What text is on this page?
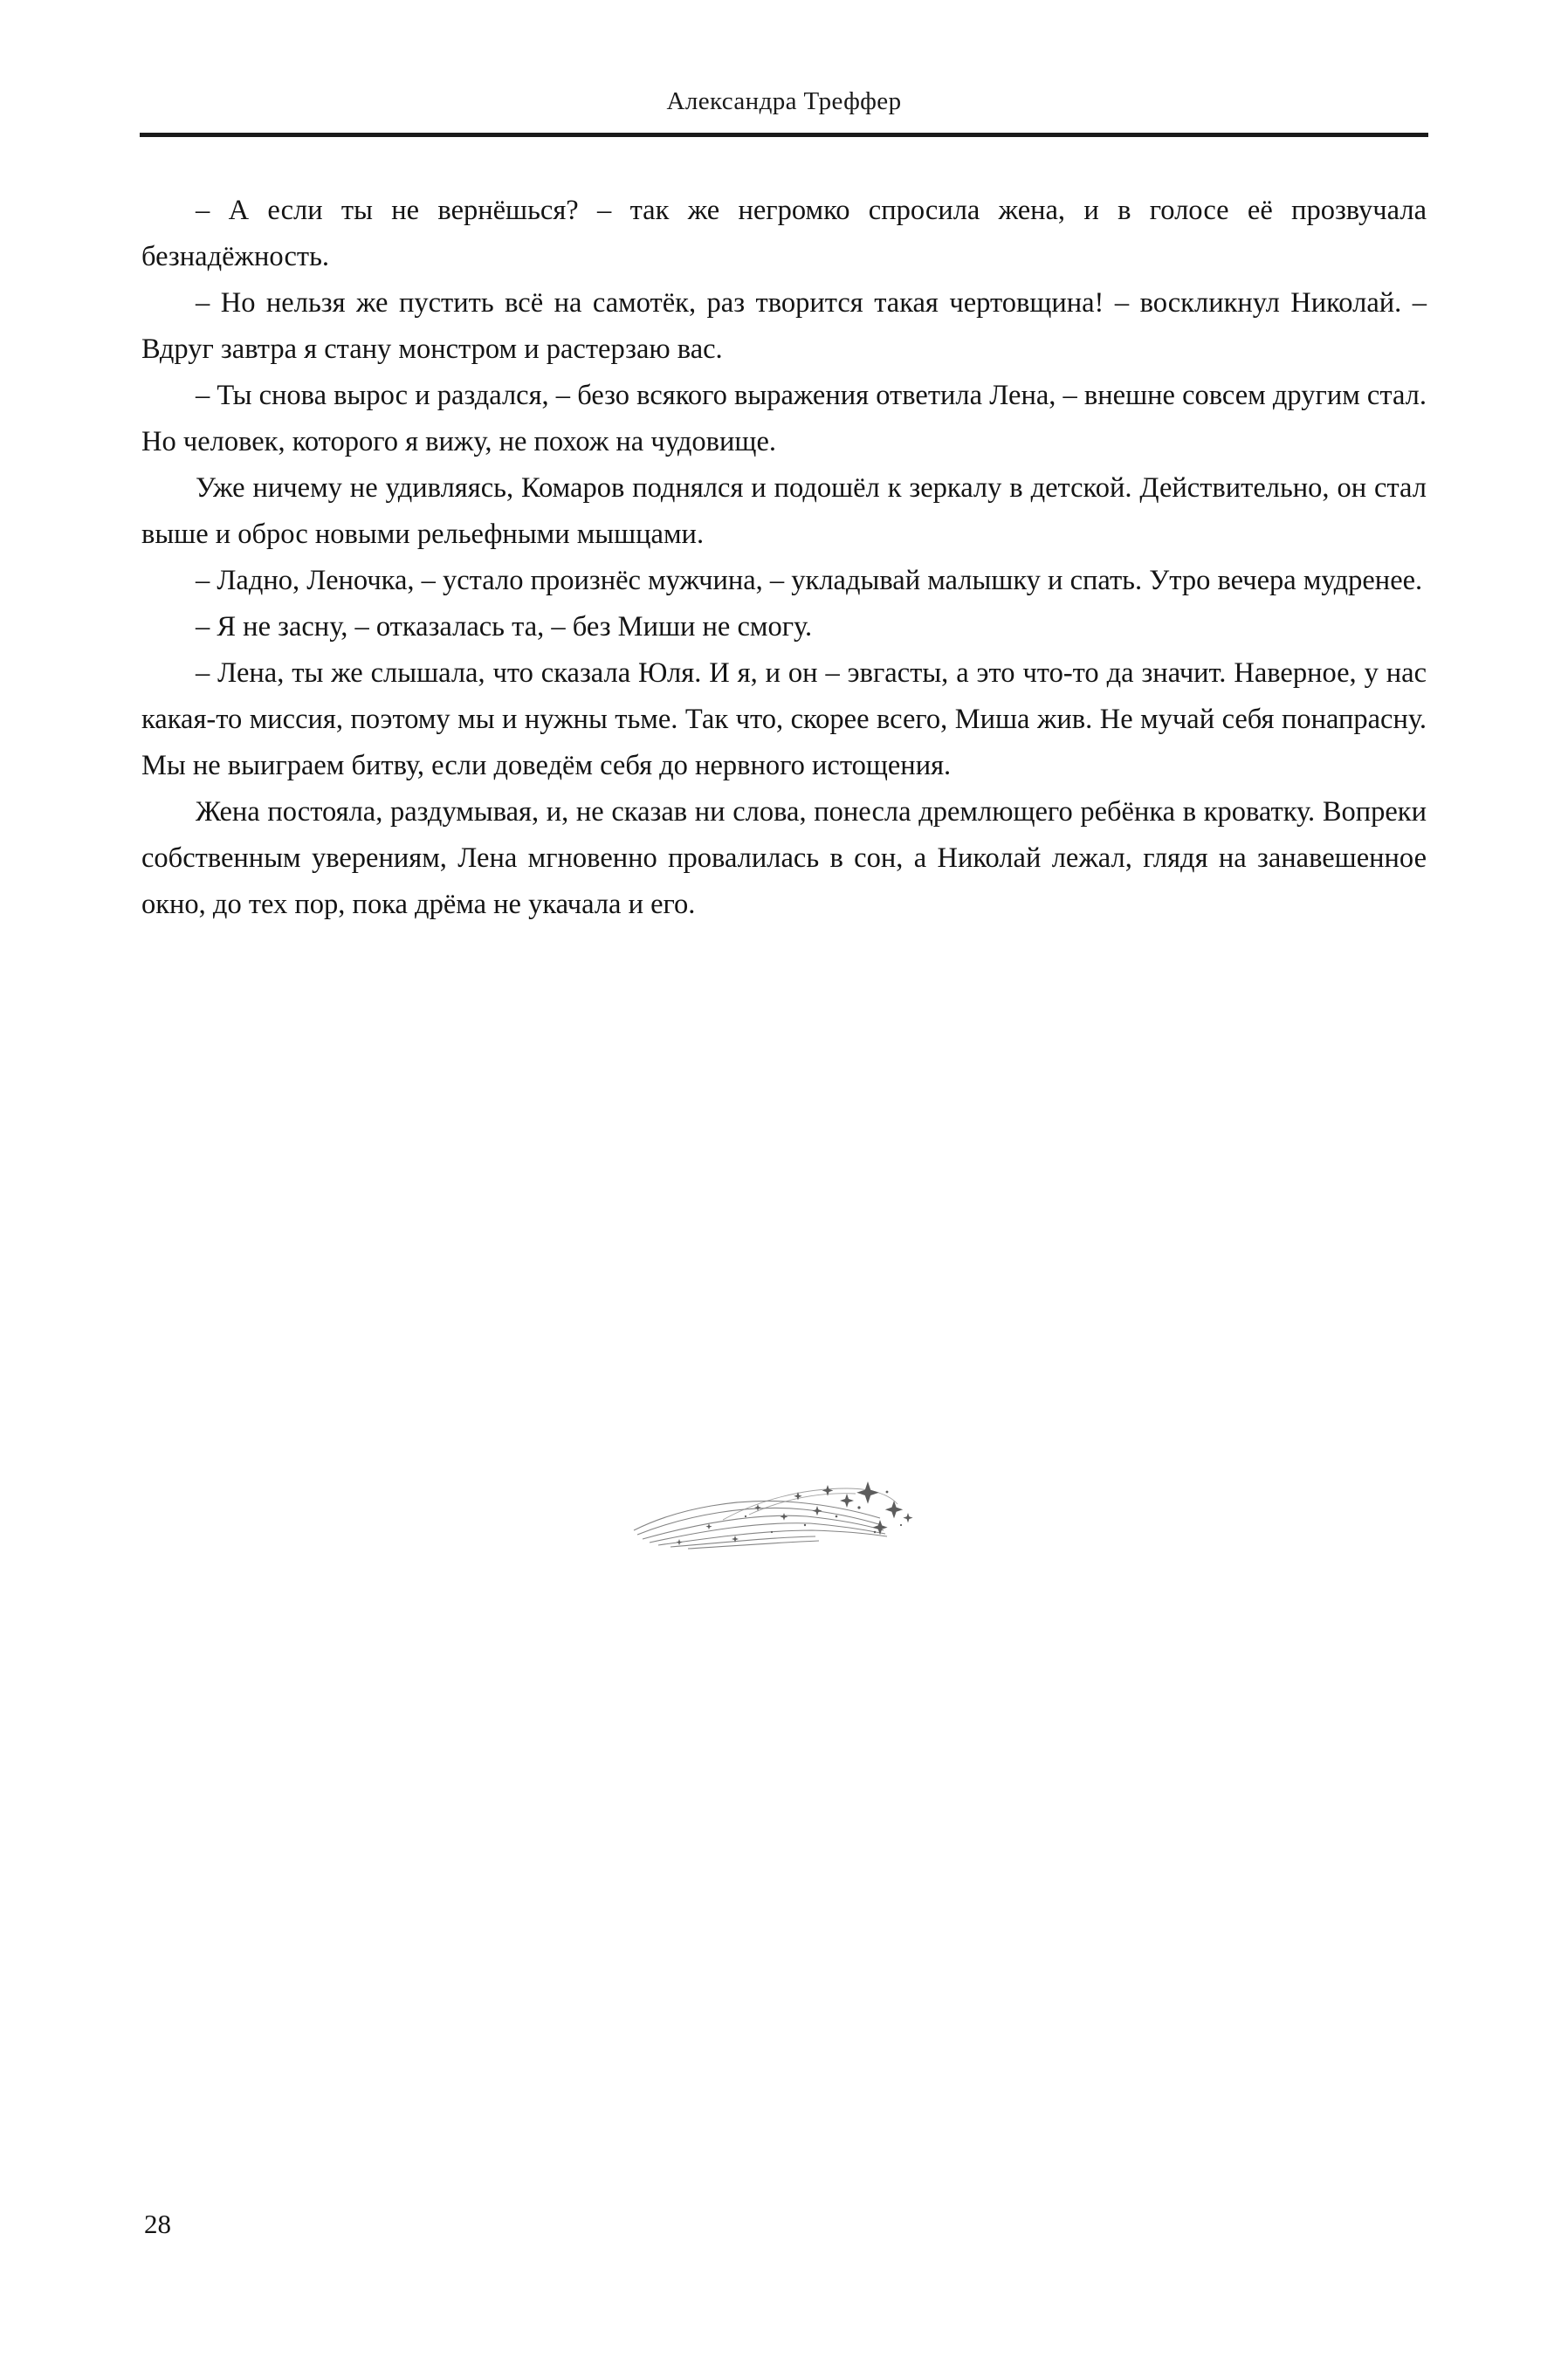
Александра Треффер

– А если ты не вернёшься? – так же негромко спросила жена, и в голосе её прозвучала безнадёжность.

– Но нельзя же пустить всё на самотёк, раз творится такая чертовщина! – воскликнул Николай. – Вдруг завтра я стану монстром и растерзаю вас.

– Ты снова вырос и раздался, – безо всякого выражения ответила Лена, – внешне совсем другим стал. Но человек, которого я вижу, не похож на чудовище.

Уже ничему не удивляясь, Комаров поднялся и подошёл к зеркалу в детской. Действительно, он стал выше и оброс новыми рельефными мышцами.

– Ладно, Леночка, – устало произнёс мужчина, – укладывай малышку и спать. Утро вечера мудренее.

– Я не засну, – отказалась та, – без Миши не смогу.

– Лена, ты же слышала, что сказала Юля. И я, и он – эвгасты, а это что-то да значит. Наверное, у нас какая-то миссия, поэтому мы и нужны тьме. Так что, скорее всего, Миша жив. Не мучай себя понапрасну. Мы не выиграем битву, если доведём себя до нервного истощения.

Жена постояла, раздумывая, и, не сказав ни слова, понесла дремлющего ребёнка в кроватку. Вопреки собственным уверениям, Лена мгновенно провалилась в сон, а Николай лежал, глядя на занавешенное окно, до тех пор, пока дрёма не укачала и его.

28
